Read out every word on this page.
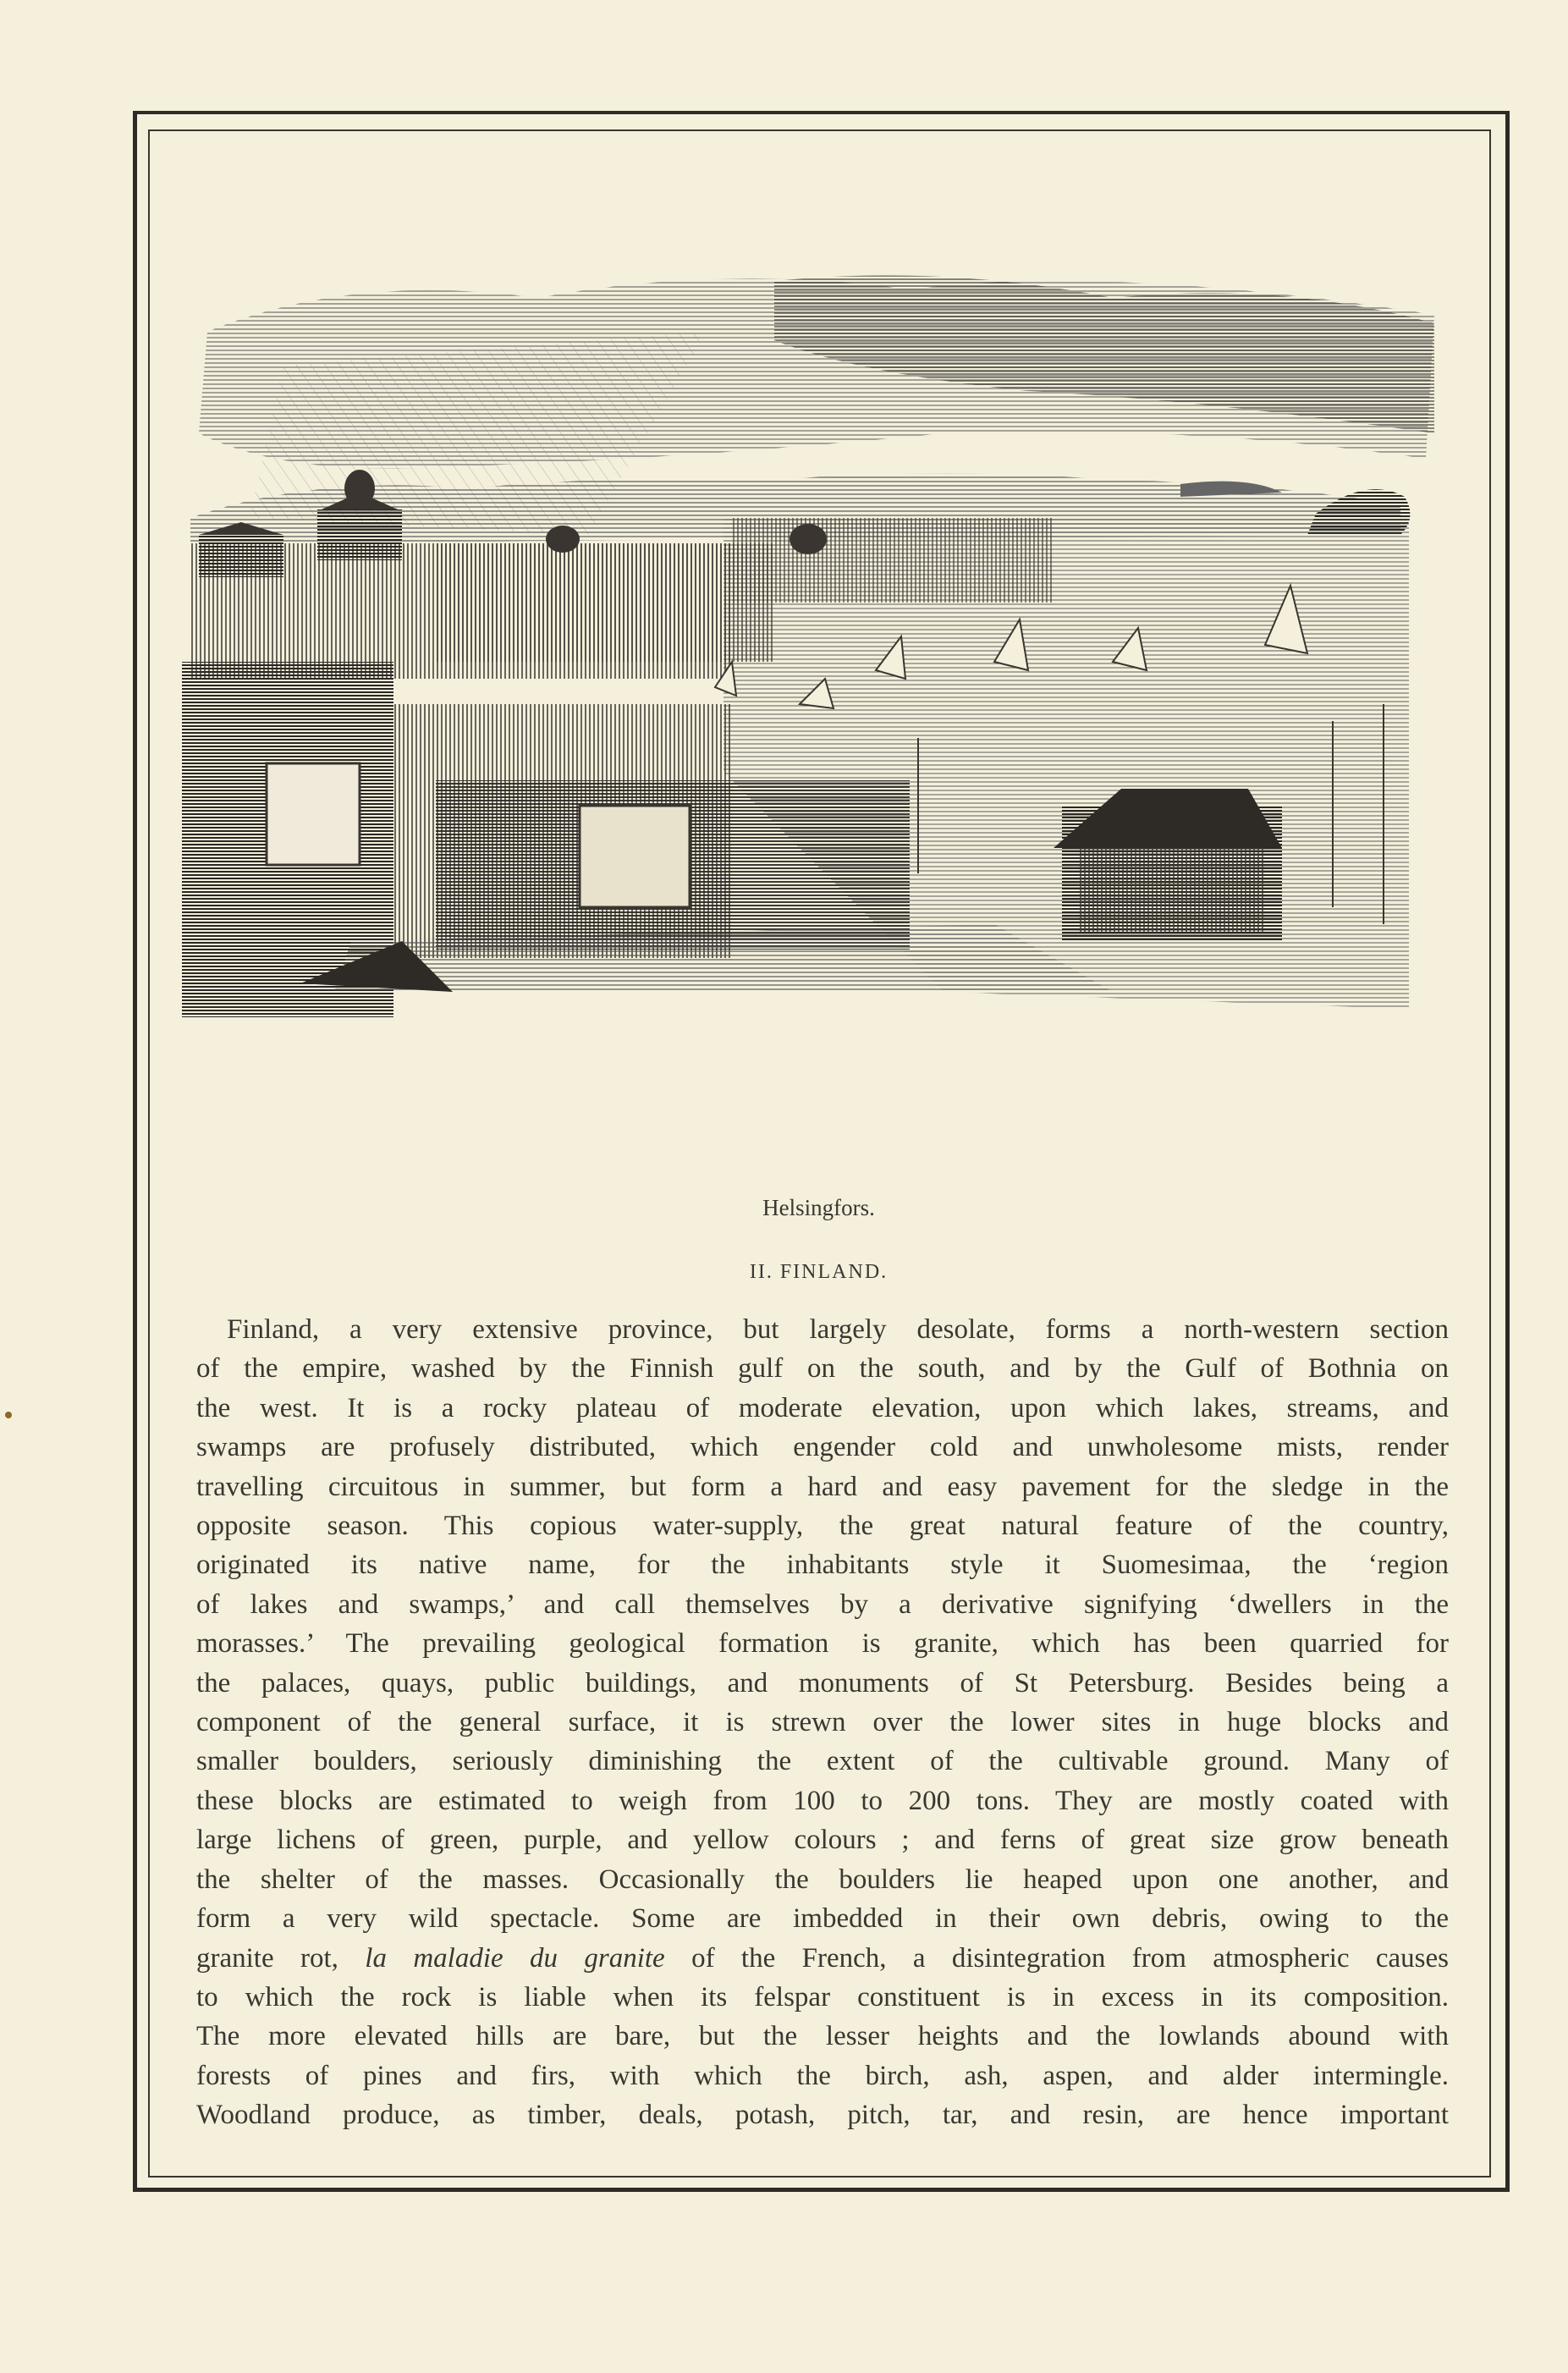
Helsingfors.
II. FINLAND.
Finland, a very extensive province, but largely desolate, forms a north-western section
of the empire, washed by the Finnish gulf on the south, and by the Gulf of Bothnia on
the west. It is a rocky plateau of moderate elevation, upon which lakes, streams, and
swamps are profusely distributed, which engender cold and unwholesome mists, render
travelling circuitous in summer, but form a hard and easy pavement for the sledge in the
opposite season. This copious water-supply, the great natural feature of the country,
originated its native name, for the inhabitants style it Suomesimaa, the ‘region
of lakes and swamps,’ and call themselves by a derivative signifying ‘dwellers in the
morasses.’ The prevailing geological formation is granite, which has been quarried for
the palaces, quays, public buildings, and monuments of St Petersburg. Besides being a
component of the general surface, it is strewn over the lower sites in huge blocks and
smaller boulders, seriously diminishing the extent of the cultivable ground. Many of
these blocks are estimated to weigh from 100 to 200 tons. They are mostly coated with
large lichens of green, purple, and yellow colours ; and ferns of great size grow beneath
the shelter of the masses. Occasionally the boulders lie heaped upon one another, and
form a very wild spectacle. Some are imbedded in their own debris, owing to the
granite rot, la maladie du granite of the French, a disintegration from atmospheric causes
to which the rock is liable when its felspar constituent is in excess in its composition.
The more elevated hills are bare, but the lesser heights and the lowlands abound with
forests of pines and firs, with which the birch, ash, aspen, and alder intermingle.
Woodland produce, as timber, deals, potash, pitch, tar, and resin, are hence important
